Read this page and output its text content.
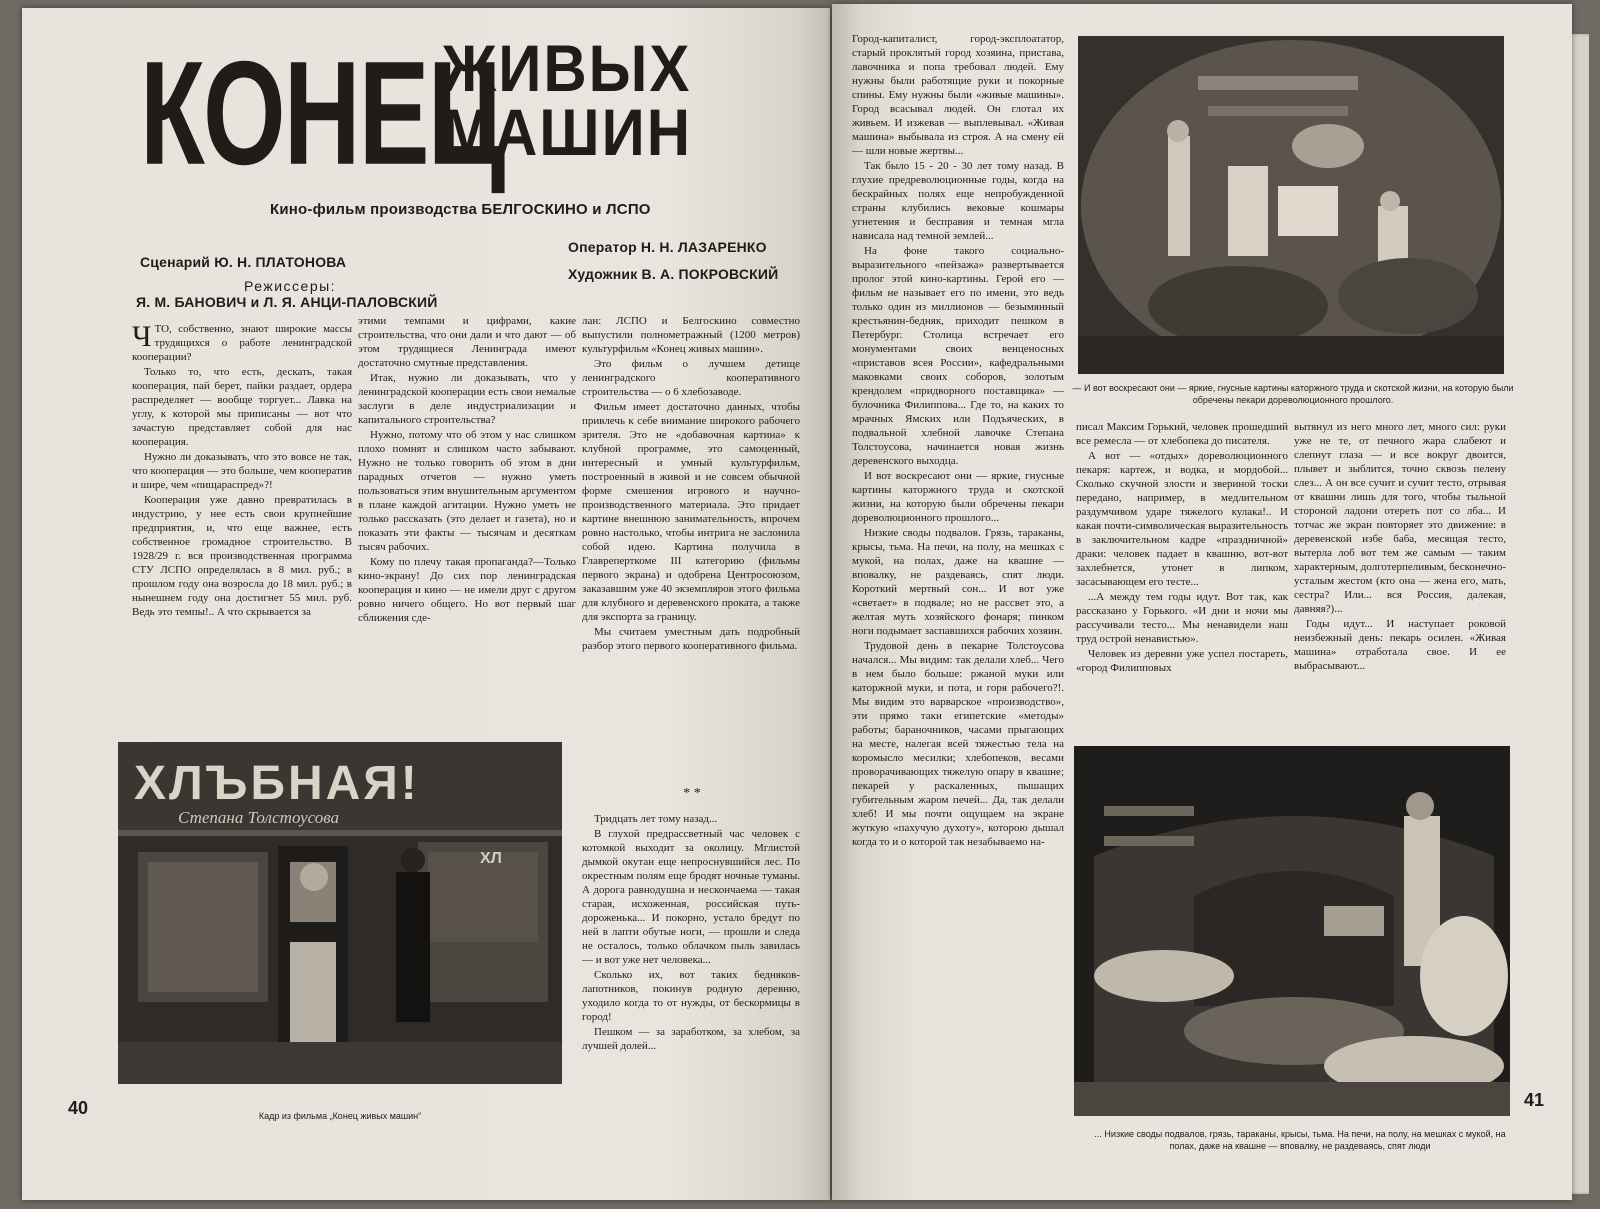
КОНЕЦ
ЖИВЫХ
МАШИН
Кино-фильм производства БЕЛГОСКИНО и ЛСПО
Сценарий Ю. Н. ПЛАТОНОВА
Режиссеры:
Я. М. БАНОВИЧ и Л. Я. АНЦИ-ПАЛОВСКИЙ
Оператор Н. Н. ЛАЗАРЕНКО
Художник В. А. ПОКРОВСКИЙ

ЧТО, собственно, знают широкие массы трудящихся о работе ленинградской кооперации?

Только то, что есть, дескать, такая кооперация, пай берет, пайки раздает, ордера распределяет — вообще торгует... Лавка на углу, к которой мы приписаны — вот что зачастую представляет собой для нас кооперация.

Нужно ли доказывать, что это вовсе не так, что кооперация — это больше, чем кооператив и шире, чем «пищараспред»?!

Кооперация уже давно превратилась в индустрию, у нее есть свои крупнейшие предприятия, и, что еще важнее, есть собственное громадное строительство. В 1928/29 г. вся производственная программа СТУ ЛСПО определялась в 8 мил. руб.; в прошлом году она возросла до 18 мил. руб.; в нынешнем году она достигнет 55 мил. руб. Ведь это темпы!.. А что скрывается за

этими темпами и цифрами, какие строительства, что они дали и что дают — об этом трудящиеся Ленинграда имеют достаточно смутные представления.

Итак, нужно ли доказывать, что у ленинградской кооперации есть свои немалые заслуги в деле индустриализации и капитального строительства?

Нужно, потому что об этом у нас слишком плохо помнят и слишком часто забывают. Нужно не только говорить об этом в дни парадных отчетов — нужно уметь пользоваться этим внушительным аргументом в плане каждой агитации. Нужно уметь не только рассказать (это делает и газета), но и показать эти факты — тысячам и десяткам тысяч рабочих.

Кому по плечу такая пропаганда?—Только кино-экрану! До сих пор ленинградская кооперация и кино — не имели друг с другом ровно ничего общего. Но вот первый шаг сближения сде-

лан: ЛСПО и Белгоскино совместно выпустили полнометражный (1200 метров) культурфильм «Конец живых машин».

Это фильм о лучшем детище ленинградского кооперативного строительства — о 6 хлебозаводе.

Фильм имеет достаточно данных, чтобы привлечь к себе внимание широкого рабочего зрителя. Это не «добавочная картина» к клубной программе, это самоценный, интересный и умный культурфильм, построенный в живой и не совсем обычной форме смешения игрового и научно-производственного материала. Это придает картине внешнюю занимательность, впрочем ровно настолько, чтобы интрига не заслонила собой идею. Картина получила в Главреперткоме III категорию (фильмы первого экрана) и одобрена Центросоюзом, заказавшим уже 40 экземпляров этого фильма для клубного и деревенского проката, а также для экспорта за границу.

Мы считаем уместным дать подробный разбор этого первого кооперативного фильма.

* *

Тридцать лет тому назад...

В глухой предрассветный час человек с котомкой выходит за околицу. Мглистой дымкой окутан еще непроснувшийся лес. По окрестным полям еще бродят ночные туманы. А дорога равнодушна и нескончаема — такая старая, исхоженная, российская путь-дороженька... И покорно, устало бредут по ней в лапти обутые ноги, — прошли и следа не осталось, только облачком пыль завилась — и вот уже нет человека...

Сколько их, вот таких бедняков-лапотников, покинув родную деревню, уходило когда то от нужды, от бескормицы в город!

Пешком — за заработком, за хлебом, за лучшей долей...

ХЛЪБНАЯ!
Степана Толстоусова
ХЛ
Кадр из фильма „Конец живых машин“
40

Город-капиталист, город-эксплоататор, старый проклятый город хозяина, пристава, лавочника и попа требовал людей. Ему нужны были работящие руки и покорные спины. Ему нужны были «живые машины». Город всасывал людей. Он глотал их живьем. И изжевав — выплевывал. «Живая машина» выбывала из строя. А на смену ей — шли новые жертвы...

Так было 15 - 20 - 30 лет тому назад. В глухие предреволюционные годы, когда на бескрайных полях еще непробужденной страны клубились вековые кошмары угнетения и бесправия и темная мгла нависала над темной землей...

На фоне такого социально-выразительного «пейзажа» развертывается пролог этой кино-картины. Герой его — фильм не называет его по имени, это ведь только один из миллионов — безымянный крестьянин-бедняк, приходит пешком в Петербург. Столица встречает его монументами своих венценосных «приставов всея России», кафедральными маковками своих соборов, золотым крендолем «придворного поставщика» — булочника Филиппова... Где то, на каких то мрачных Ямских или Подъяческих, в подвальной хлебной лавочке Степана Толстоусова, начинается новая жизнь деревенского выходца.

И вот воскресают они — яркие, гнусные картины каторжного труда и скотской жизни, на которую были обречены пекари дореволюционного прошлого...

Низкие своды подвалов. Грязь, тараканы, крысы, тьма. На печи, на полу, на мешках с мукой, на полах, даже на квашне — вповалку, не раздеваясь, спят люди. Короткий мертвый сон... И вот уже «светает» в подвале; но не рассвет это, а желтая муть хозяйского фонаря; пинком ноги подымает заспавшихся рабочих хозяин.

Трудовой день в пекарне Толстоусова начался... Мы видим: так делали хлеб... Чего в нем было больше: ржаной муки или каторжной муки, и пота, и горя рабочего?!. Мы видим это варварское «производство», эти прямо таки египетские «методы» работы; бараночников, часами прыгающих на месте, налегая всей тяжестью тела на коромысло месилки; хлебопеков, весами проворачивающих тяжелую опару в квашне; пекарей у раскаленных, пышащих губительным жаром печей... Да, так делали хлеб! И мы почти ощущаем на экране жуткую «пахучую духоту», которою дышал когда то и о которой так незабываемо на-

— И вот воскресают они — яркие, гнусные картины каторжного труда и скотской жизни, на которую были обречены пекари дореволюционного прошлого.

писал Максим Горький, человек прошедший все ремесла — от хлебопека до писателя.

А вот — «отдых» дореволюционного пекаря: картеж, и водка, и мордобой... Сколько скучной злости и звериной тоски передано, например, в медлительном раздумчивом ударе тяжелого кулака!.. И какая почти-символическая выразительность в заключительном кадре «праздничной» драки: человек падает в квашню, вот-вот захлебнется, утонет в липком, засасывающем его тесте...

...А между тем годы идут. Вот так, как рассказано у Горького. «И дни и ночи мы рассучивали тесто... Мы ненавидели наш труд острой ненавистью».

Человек из деревни уже успел постареть, «город Филипповых

вытянул из него много лет, много сил: руки уже не те, от печного жара слабеют и слепнут глаза — и все вокруг двоится, плывет и зыблится, точно сквозь пелену слез... А он все сучит и сучит тесто, отрывая от квашни лишь для того, чтобы тыльной стороной ладони отереть пот со лба... И тотчас же экран повторяет это движение: в деревенской избе баба, месящая тесто, вытерла лоб вот тем же самым — таким характерным, долготерпеливым, бесконечно-усталым жестом (кто она — жена его, мать, сестра? Или... вся Россия, далекая, давняя?)...

Годы идут... И наступает роковой неизбежный день: пекарь осилен. «Живая машина» отработала свое. И ее выбрасывают...

... Низкие своды подвалов, грязь, тараканы, крысы, тьма. На печи, на полу, на мешках с мукой, на полах, даже на квашне — вповалку, не раздеваясь, спят люди
41
